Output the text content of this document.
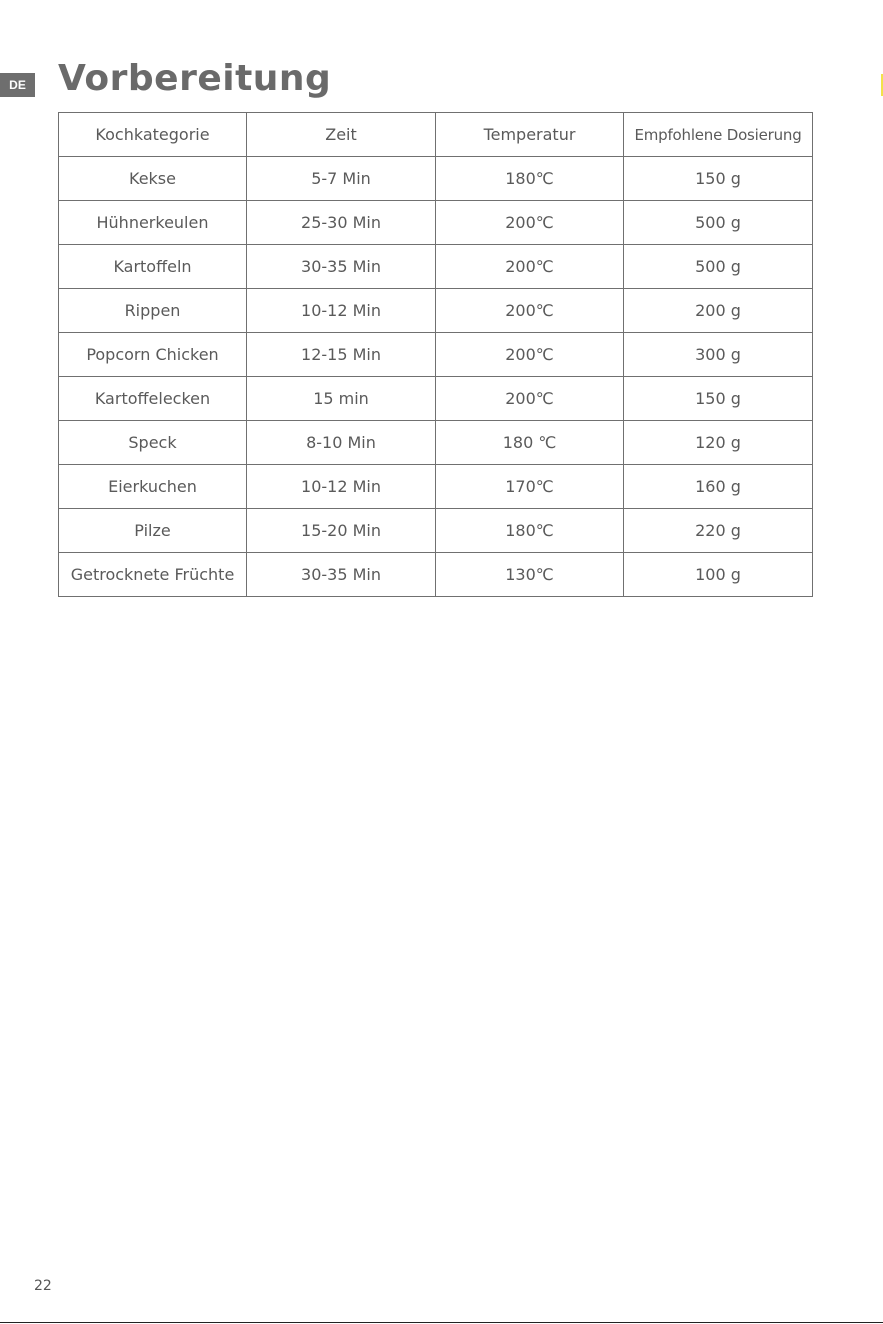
DE Vorbereitung
Kochkategorie	Zeit	Temperatur	Empfohlene Dosierung
Kekse	5-7 Min	180℃	150 g
Hühnerkeulen	25-30 Min	200℃	500 g
Kartoffeln	30-35 Min	200℃	500 g
Rippen	10-12 Min	200℃	200 g
Popcorn Chicken	12-15 Min	200℃	300 g
Kartoffelecken	15 min	200℃	150 g
Speck	8-10 Min	180 ℃	120 g
Eierkuchen	10-12 Min	170℃	160 g
Pilze	15-20 Min	180℃	220 g
Getrocknete Früchte	30-35 Min	130℃	100 g
22
